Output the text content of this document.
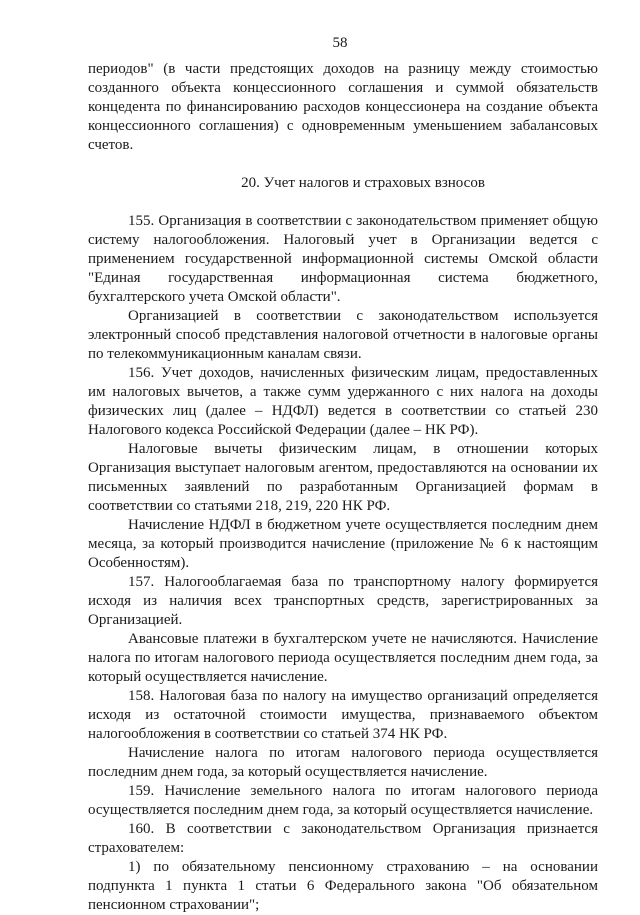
58

периодов" (в части предстоящих доходов на разницу между стоимостью созданного объекта концессионного соглашения и суммой обязательств концедента по финансированию расходов концессионера на создание объекта концессионного соглашения) с одновременным уменьшением забалансовых счетов.

20. Учет налогов и страховых взносов

155. Организация в соответствии с законодательством применяет общую систему налогообложения. Налоговый учет в Организации ведется с применением государственной информационной системы Омской области "Единая государственная информационная система бюджетного, бухгалтерского учета Омской области".

Организацией в соответствии с законодательством используется электронный способ представления налоговой отчетности в налоговые органы по телекоммуникационным каналам связи.

156. Учет доходов, начисленных физическим лицам, предоставленных им налоговых вычетов, а также сумм удержанного с них налога на доходы физических лиц (далее – НДФЛ) ведется в соответствии со статьей 230 Налогового кодекса Российской Федерации (далее – НК РФ).

Налоговые вычеты физическим лицам, в отношении которых Организация выступает налоговым агентом, предоставляются на основании их письменных заявлений по разработанным Организацией формам в соответствии со статьями 218, 219, 220 НК РФ.

Начисление НДФЛ в бюджетном учете осуществляется последним днем месяца, за который производится начисление (приложение № 6 к настоящим Особенностям).

157. Налогооблагаемая база по транспортному налогу формируется исходя из наличия всех транспортных средств, зарегистрированных за Организацией.

Авансовые платежи в бухгалтерском учете не начисляются. Начисление налога по итогам налогового периода осуществляется последним днем года, за который осуществляется начисление.

158. Налоговая база по налогу на имущество организаций определяется исходя из остаточной стоимости имущества, признаваемого объектом налогообложения в соответствии со статьей 374 НК РФ.

Начисление налога по итогам налогового периода осуществляется последним днем года, за который осуществляется начисление.

159. Начисление земельного налога по итогам налогового периода осуществляется последним днем года, за который осуществляется начисление.

160. В соответствии с законодательством Организация признается страхователем:

1) по обязательному пенсионному страхованию – на основании подпункта 1 пункта 1 статьи 6 Федерального закона "Об обязательном пенсионном страховании";
